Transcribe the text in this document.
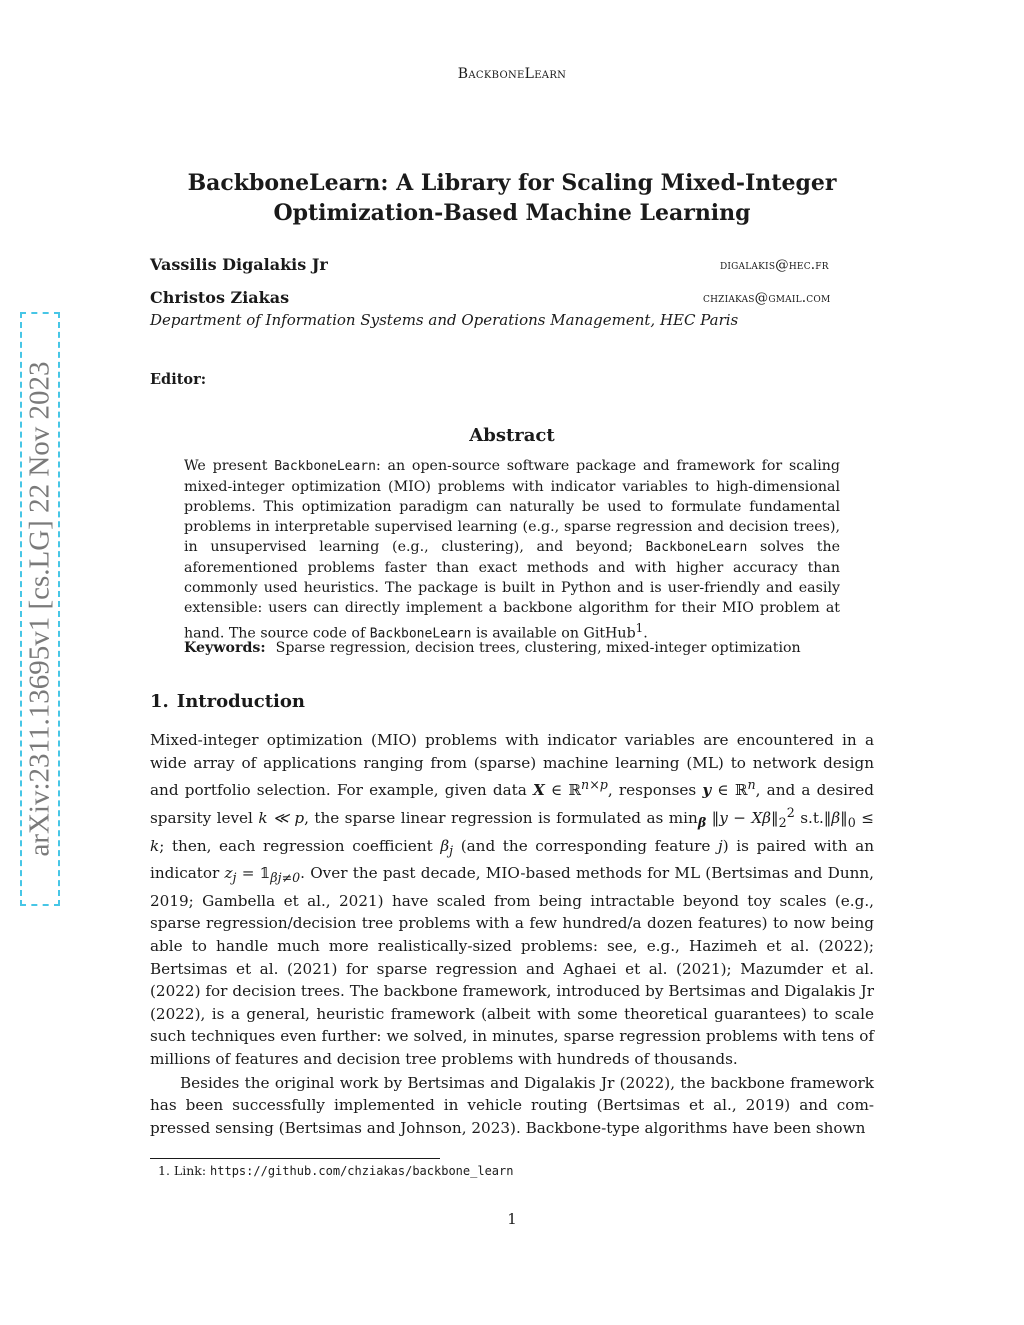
BackboneLearn
arXiv:2311.13695v1 [cs.LG] 22 Nov 2023
BackboneLearn: A Library for Scaling Mixed-Integer
Optimization-Based Machine Learning
Vassilis Digalakis Jr	digalakis@hec.fr
Christos Ziakas	chziakas@gmail.com
Department of Information Systems and Operations Management, HEC Paris
Editor:
Abstract
We present BackboneLearn: an open-source software package and framework for scaling mixed-integer optimization (MIO) problems with indicator variables to high-dimensional problems. This optimization paradigm can naturally be used to formulate fundamental problems in interpretable supervised learning (e.g., sparse regression and decision trees), in unsupervised learning (e.g., clustering), and beyond; BackboneLearn solves the aforementioned problems faster than exact methods and with higher accuracy than commonly used heuristics. The package is built in Python and is user-friendly and easily extensible: users can directly implement a backbone algorithm for their MIO problem at hand. The source code of BackboneLearn is available on GitHub$^1$.
Keywords: Sparse regression, decision trees, clustering, mixed-integer optimization
1. Introduction

Mixed-integer optimization (MIO) problems with indicator variables are encountered in a wide array of applications ranging from (sparse) machine learning (ML) to network design and portfolio selection. For example, given data X ∈ ℝ$^{n\times p}$, responses y ∈ ℝ$^n$, and a desired sparsity level k ≪ p, the sparse linear regression is formulated as $\min_\beta$ ‖y − $X\beta‖_2^2$ $s.t.‖\beta‖_0 \le k$; then, each regression coefficient $\beta_j$ (and the corresponding feature j) is paired with an indicator $z_j$ = $𝟙_{\beta j\ne 0}$. Over the past decade, MIO-based methods for ML (Bertsimas and Dunn, 2019; Gambella et al., 2021) have scaled from being intractable beyond toy scales (e.g., sparse regression/decision tree problems with a few hundred/a dozen features) to now being able to handle much more realistically-sized problems: see, e.g., Hazimeh et al. (2022); Bertsimas et al. (2021) for sparse regression and Aghaei et al. (2021); Mazumder et al. (2022) for decision trees. The backbone framework, introduced by Bertsimas and Digalakis Jr (2022), is a general, heuristic framework (albeit with some theoretical guarantees) to scale such techniques even further: we solved, in minutes, sparse regression problems with tens of millions of features and decision tree problems with hundreds of thousands.

Besides the original work by Bertsimas and Digalakis Jr (2022), the backbone framework has been successfully implemented in vehicle routing (Bertsimas et al., 2019) and compressed sensing (Bertsimas and Johnson, 2023). Backbone-type algorithms have been shown

1. Link: https://github.com/chziakas/backbone_learn
1
